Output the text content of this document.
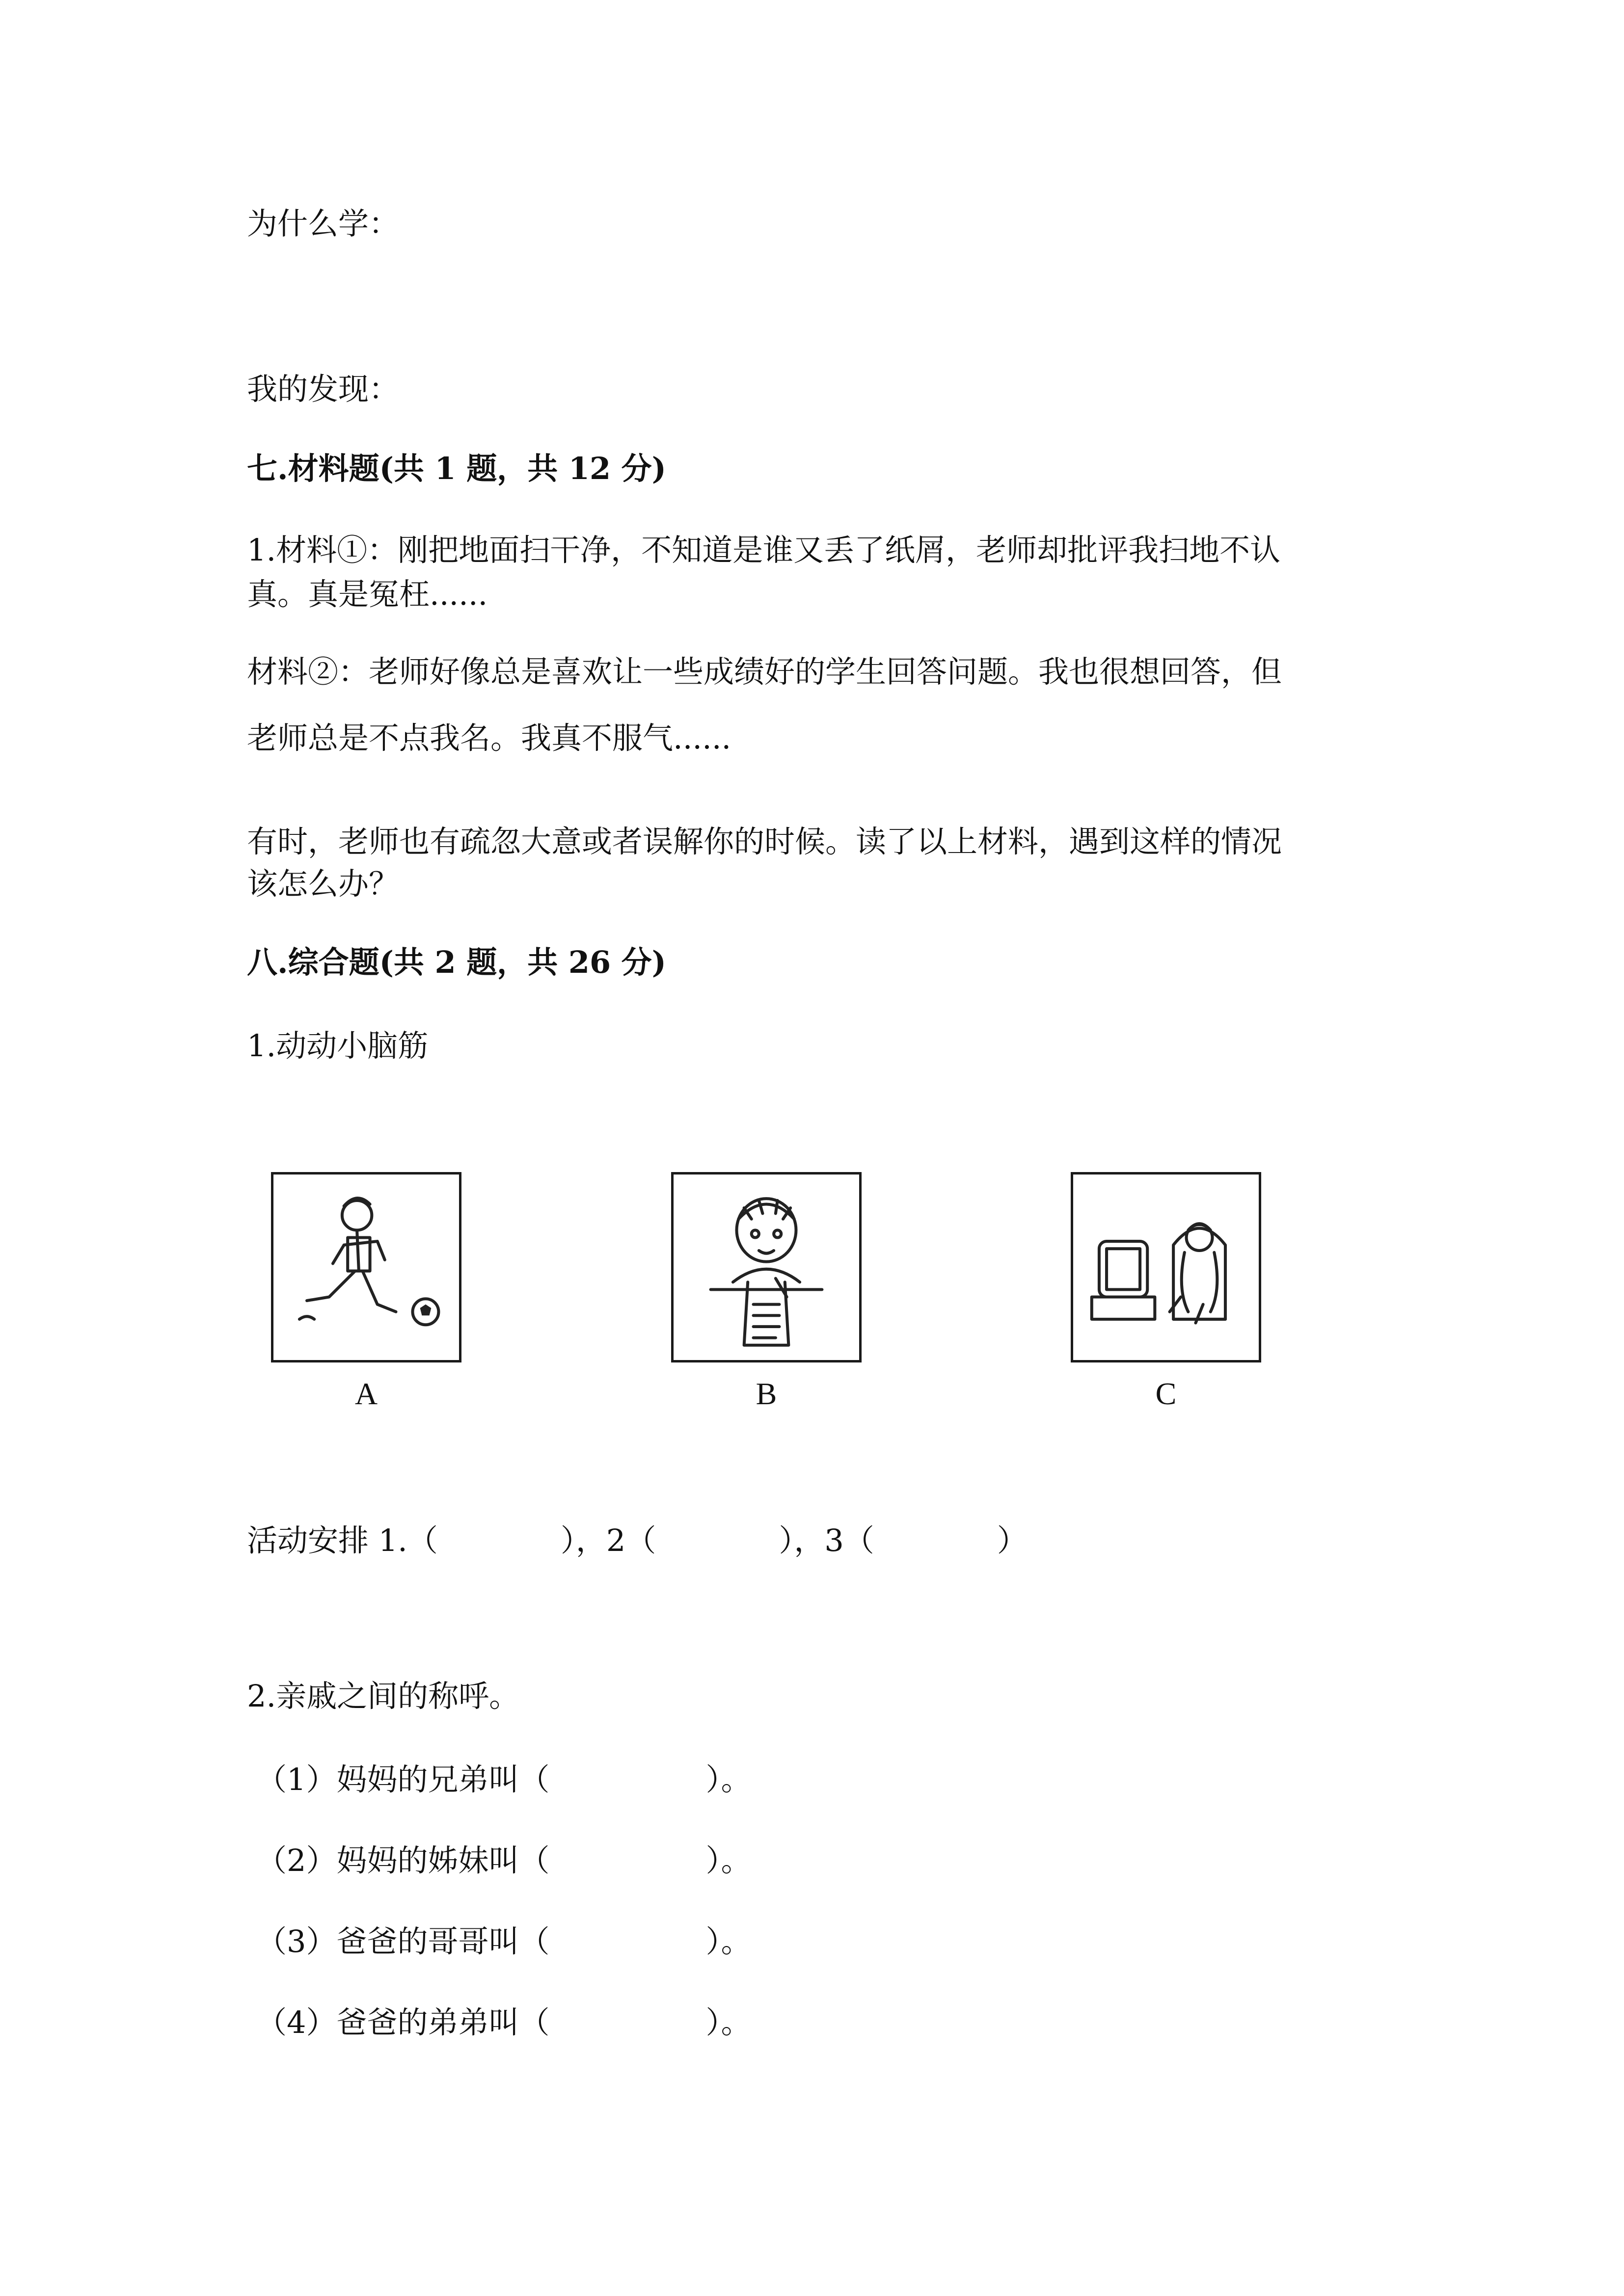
为什么学：

我的发现：

七.材料题(共 1 题，共 12 分)

1.材料①：刚把地面扫干净，不知道是谁又丢了纸屑，老师却批评我扫地不认

真。真是冤枉......

材料②：老师好像总是喜欢让一些成绩好的学生回答问题。我也很想回答，但

老师总是不点我名。我真不服气......

有时，老师也有疏忽大意或者误解你的时候。读了以上材料，遇到这样的情况

该怎么办？

八.综合题(共 2 题，共 26 分)

1.动动小脑筋

A	B	C

活动安排 1.（	），2（	），3（	）

2.亲戚之间的称呼。

（1）妈妈的兄弟叫（	）。

（2）妈妈的姊妹叫（	）。

（3）爸爸的哥哥叫（	）。

（4）爸爸的弟弟叫（	）。
